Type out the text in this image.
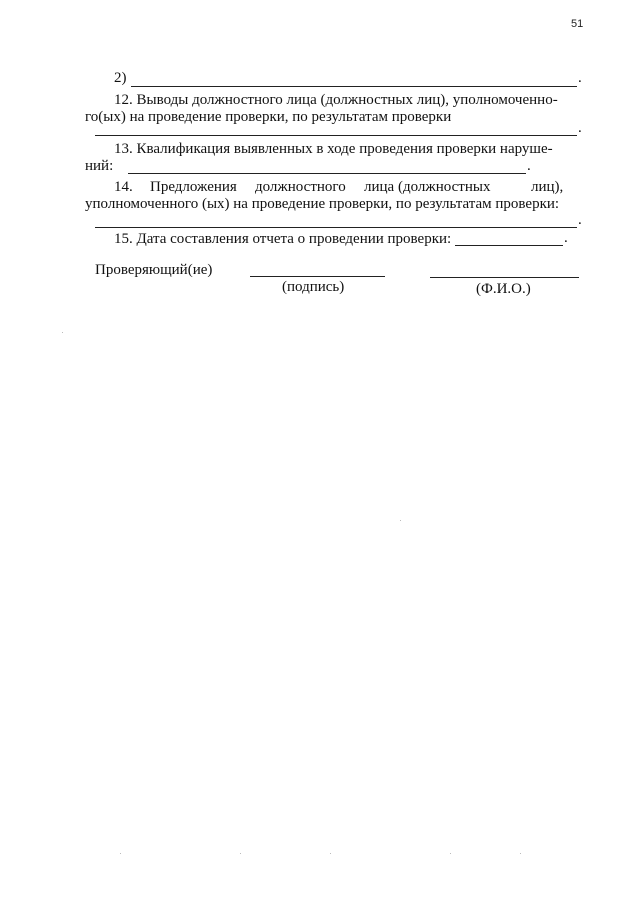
51
2)	.
12. Выводы должностного лица (должностных лиц), уполномоченно-
го(ых) на проведение проверки, по результатам проверки
.
13. Квалификация выявленных в ходе проведения проверки наруше-
ний:	.
14. Предложения должностного лица (должностных	лиц),
уполномоченного (ых) на проведение проверки, по результатам проверки:
.
15. Дата составления отчета о проведении проверки:	.
Проверяющий(ие)
(подпись)	(Ф.И.О.)
